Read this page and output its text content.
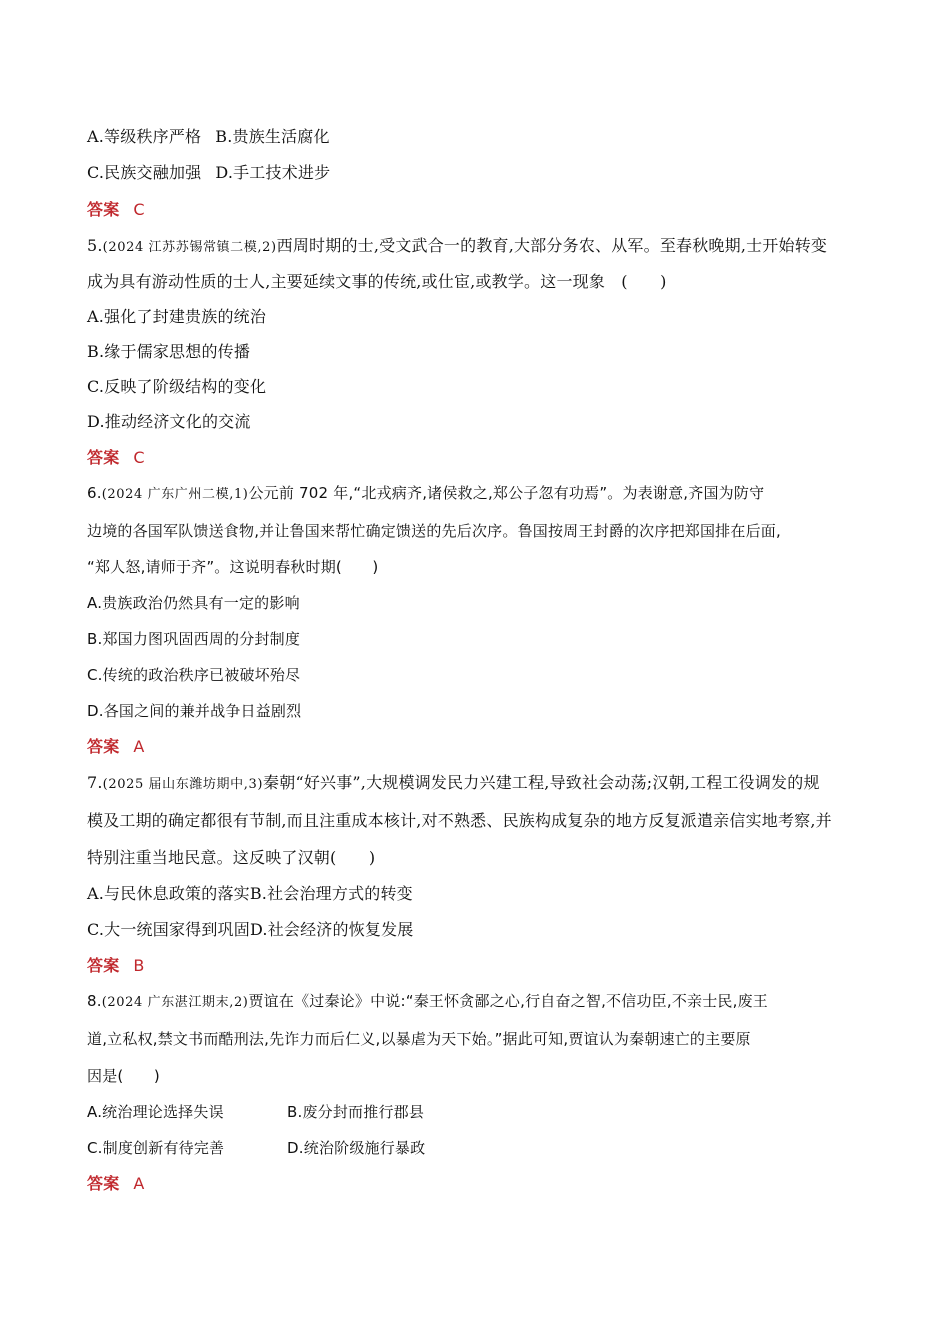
A.等级秩序严格 B.贵族生活腐化
C.民族交融加强 D.手工技术进步
答案 C
5.(2024 江苏苏锡常镇二模,2)西周时期的士,受文武合一的教育,大部分务农、从军。至春秋晚期,士开始转变
成为具有游动性质的士人,主要延续文事的传统,或仕宦,或教学。这一现象　(　　)
A.强化了封建贵族的统治
B.缘于儒家思想的传播
C.反映了阶级结构的变化
D.推动经济文化的交流
答案 C
6.(2024 广东广州二模,1)公元前 702 年,“北戎病齐,诸侯救之,郑公子忽有功焉”。为表谢意,齐国为防守
边境的各国军队馈送食物,并让鲁国来帮忙确定馈送的先后次序。鲁国按周王封爵的次序把郑国排在后面,
“郑人怒,请师于齐”。这说明春秋时期(　　)
A.贵族政治仍然具有一定的影响
B.郑国力图巩固西周的分封制度
C.传统的政治秩序已被破坏殆尽
D.各国之间的兼并战争日益剧烈
答案 A
7.(2025 届山东潍坊期中,3)秦朝“好兴事”,大规模调发民力兴建工程,导致社会动荡;汉朝,工程工役调发的规
模及工期的确定都很有节制,而且注重成本核计,对不熟悉、民族构成复杂的地方反复派遣亲信实地考察,并
特别注重当地民意。这反映了汉朝(　　)
A.与民休息政策的落实B.社会治理方式的转变
C.大一统国家得到巩固D.社会经济的恢复发展
答案 B
8.(2024 广东湛江期末,2)贾谊在《过秦论》中说:“秦王怀贪鄙之心,行自奋之智,不信功臣,不亲士民,废王
道,立私权,禁文书而酷刑法,先诈力而后仁义,以暴虐为天下始。”据此可知,贾谊认为秦朝速亡的主要原
因是(　　)
A.统治理论选择失误	B.废分封而推行郡县
C.制度创新有待完善	D.统治阶级施行暴政
答案 A
